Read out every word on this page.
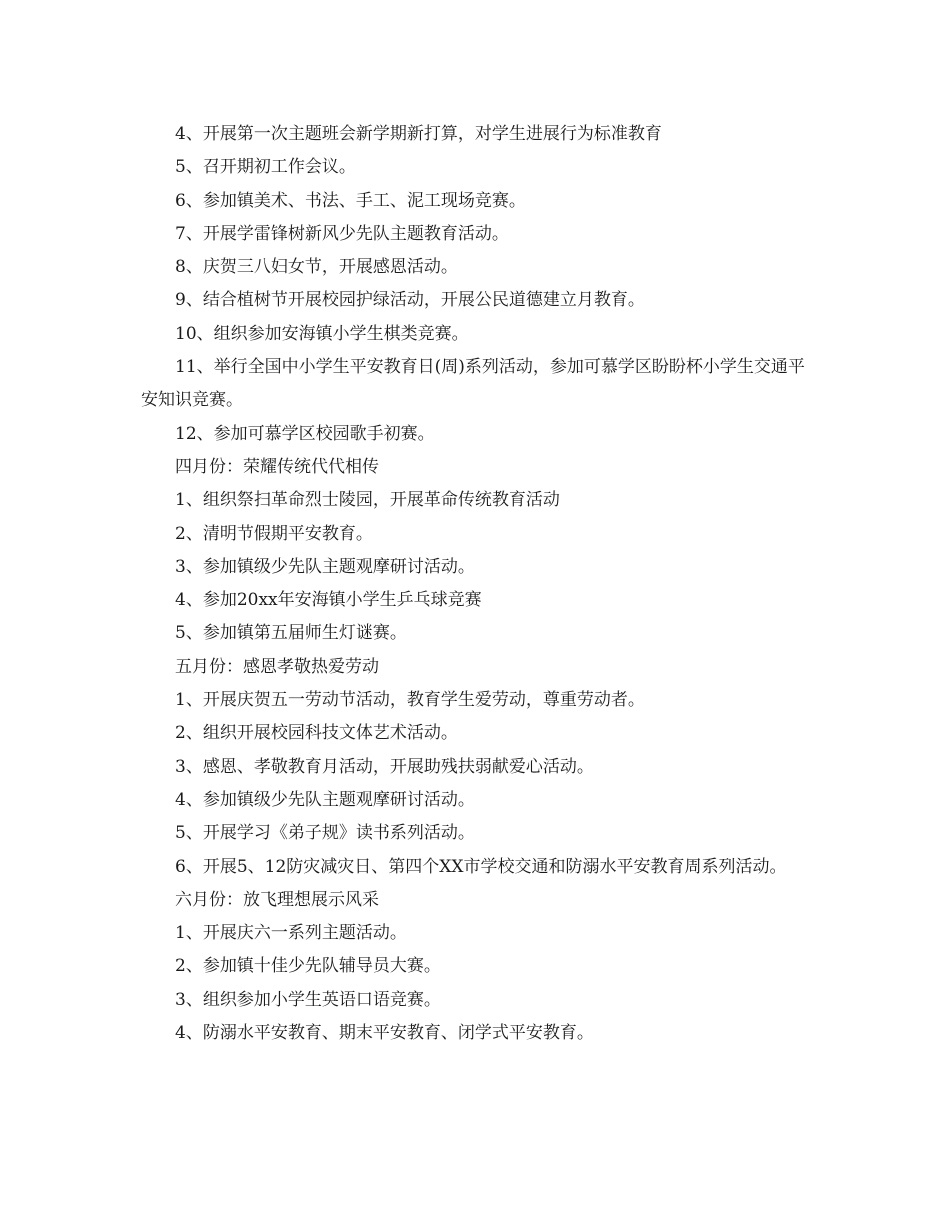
4、开展第一次主题班会新学期新打算，对学生进展行为标准教育

5、召开期初工作会议。

6、参加镇美术、书法、手工、泥工现场竞赛。

7、开展学雷锋树新风少先队主题教育活动。

8、庆贺三八妇女节，开展感恩活动。

9、结合植树节开展校园护绿活动，开展公民道德建立月教育。

10、组织参加安海镇小学生棋类竞赛。

11、举行全国中小学生平安教育日(周)系列活动，参加可慕学区盼盼杯小学生交通平安知识竞赛。

12、参加可慕学区校园歌手初赛。

四月份：荣耀传统代代相传

1、组织祭扫革命烈士陵园，开展革命传统教育活动

2、清明节假期平安教育。

3、参加镇级少先队主题观摩研讨活动。

4、参加20xx年安海镇小学生乒乓球竞赛

5、参加镇第五届师生灯谜赛。

五月份：感恩孝敬热爱劳动

1、开展庆贺五一劳动节活动，教育学生爱劳动，尊重劳动者。

2、组织开展校园科技文体艺术活动。

3、感恩、孝敬教育月活动，开展助残扶弱献爱心活动。

4、参加镇级少先队主题观摩研讨活动。

5、开展学习《弟子规》读书系列活动。

6、开展5、12防灾减灾日、第四个XX市学校交通和防溺水平安教育周系列活动。

六月份：放飞理想展示风采

1、开展庆六一系列主题活动。

2、参加镇十佳少先队辅导员大赛。

3、组织参加小学生英语口语竞赛。

4、防溺水平安教育、期末平安教育、闭学式平安教育。
